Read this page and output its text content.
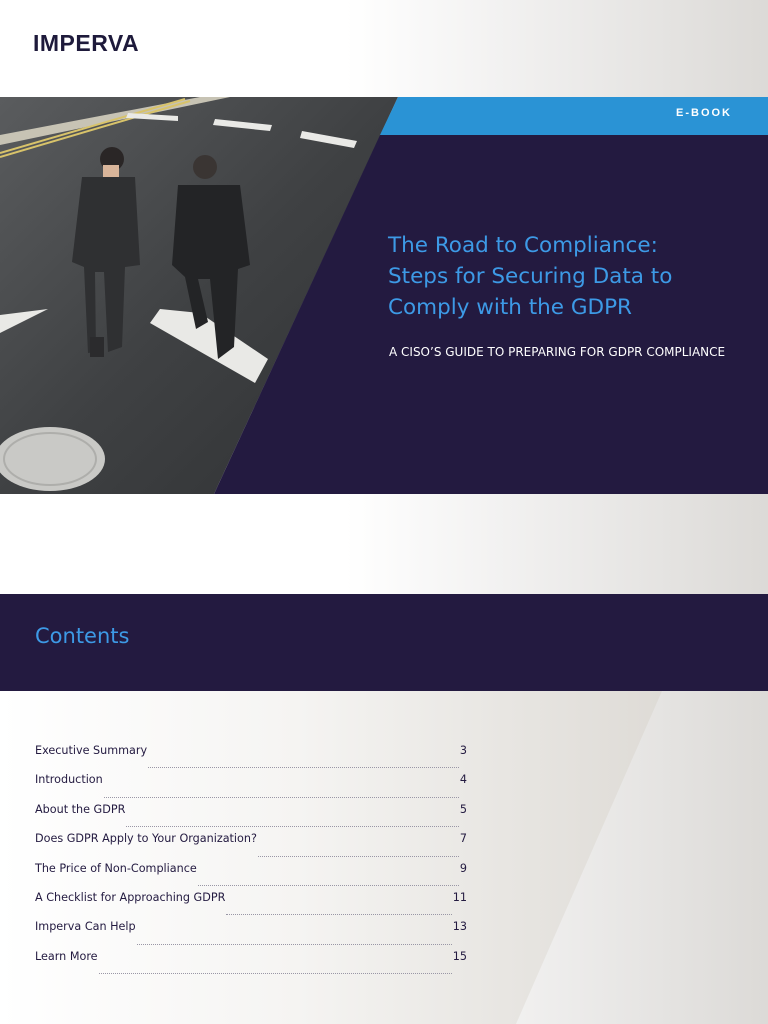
IMPERVA
E-BOOK
The Road to Compliance:
Steps for Securing Data to
Comply with the GDPR
A CISO’S GUIDE TO PREPARING FOR GDPR COMPLIANCE
Contents
Executive Summary	3
Introduction	4
About the GDPR	5
Does GDPR Apply to Your Organization?	7
The Price of Non-Compliance	9
A Checklist for Approaching GDPR	11
Imperva Can Help	13
Learn More	15
